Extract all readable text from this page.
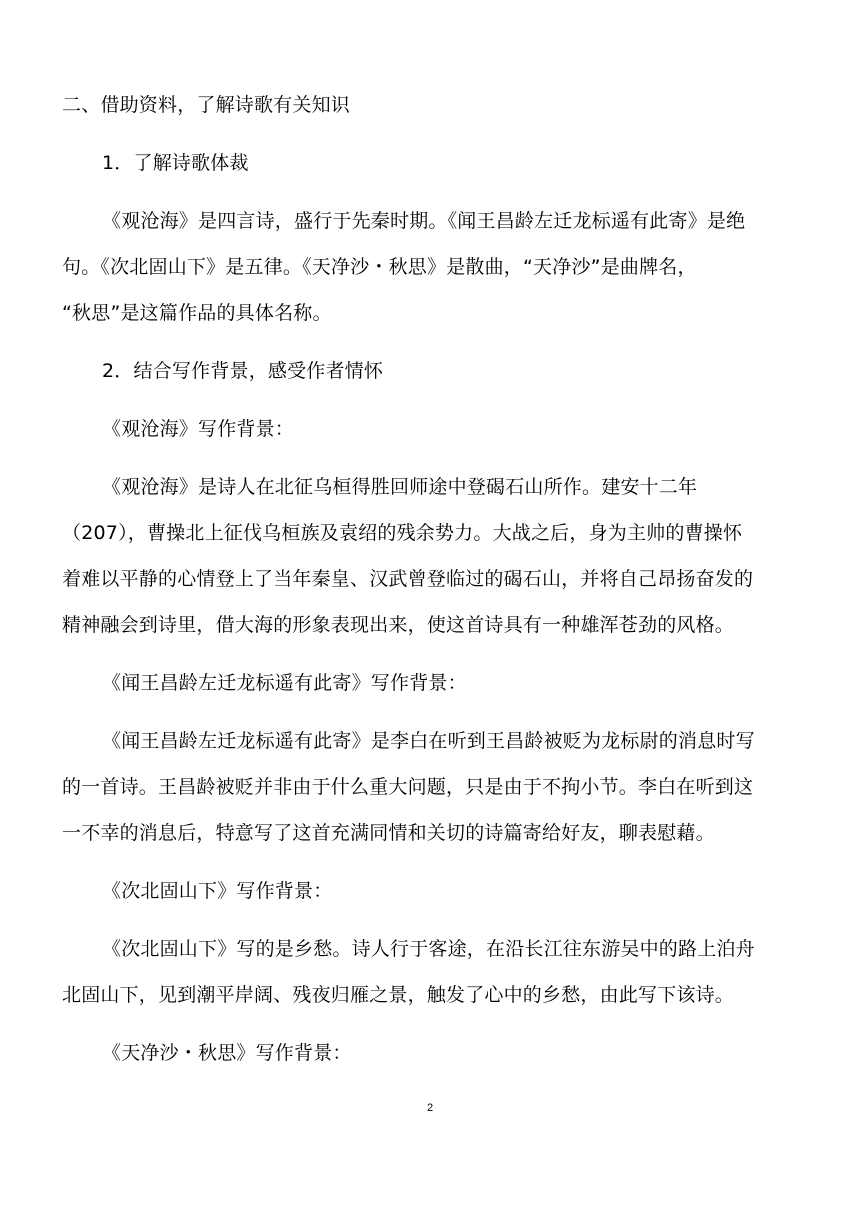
二、借助资料，了解诗歌有关知识
1．了解诗歌体裁
《观沧海》是四言诗，盛行于先秦时期。《闻王昌龄左迁龙标遥有此寄》是绝
句。《次北固山下》是五律。《天净沙・秋思》是散曲，“天净沙”是曲牌名，
“秋思”是这篇作品的具体名称。
2．结合写作背景，感受作者情怀
《观沧海》写作背景：
《观沧海》是诗人在北征乌桓得胜回师途中登碣石山所作。建安十二年
（207），曹操北上征伐乌桓族及袁绍的残余势力。大战之后，身为主帅的曹操怀
着难以平静的心情登上了当年秦皇、汉武曾登临过的碣石山，并将自己昂扬奋发的
精神融会到诗里，借大海的形象表现出来，使这首诗具有一种雄浑苍劲的风格。
《闻王昌龄左迁龙标遥有此寄》写作背景：
《闻王昌龄左迁龙标遥有此寄》是李白在听到王昌龄被贬为龙标尉的消息时写
的一首诗。王昌龄被贬并非由于什么重大问题，只是由于不拘小节。李白在听到这
一不幸的消息后，特意写了这首充满同情和关切的诗篇寄给好友，聊表慰藉。
《次北固山下》写作背景：
《次北固山下》写的是乡愁。诗人行于客途，在沿长江往东游吴中的路上泊舟
北固山下，见到潮平岸阔、残夜归雁之景，触发了心中的乡愁，由此写下该诗。
《天净沙・秋思》写作背景：
2
